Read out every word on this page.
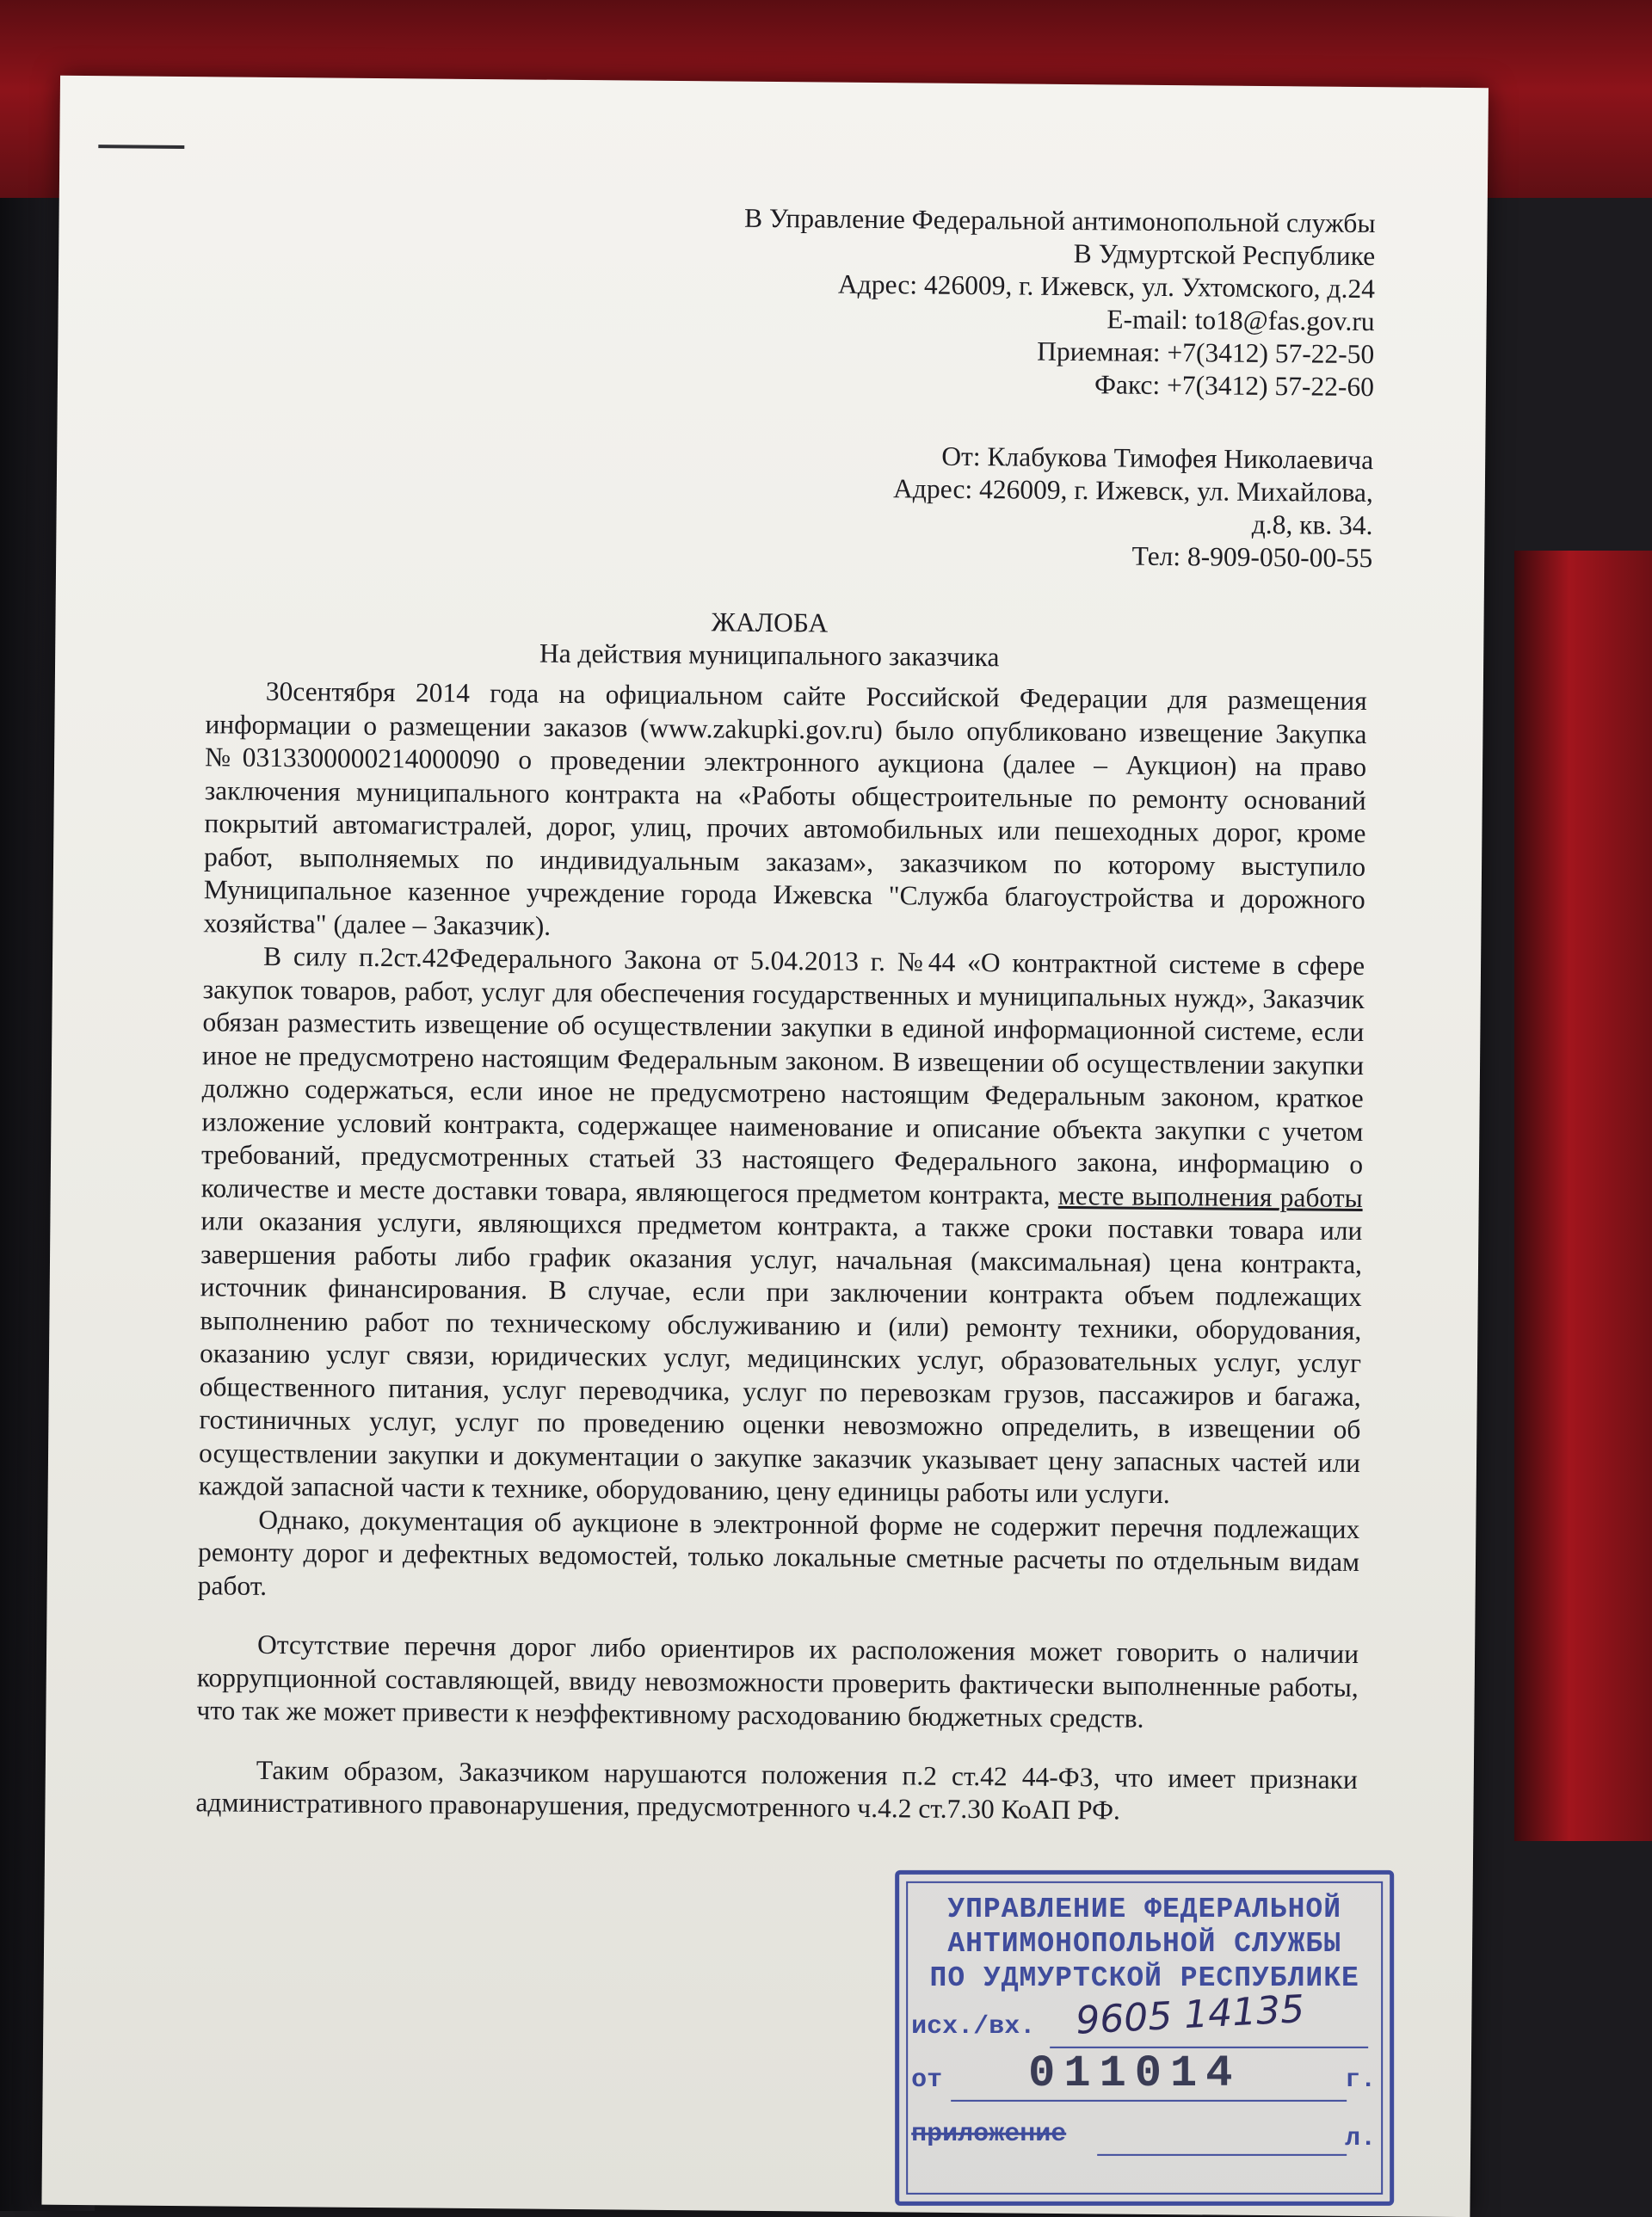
В Управление Федеральной антимонопольной службы
В Удмуртской Республике
Адрес: 426009, г. Ижевск, ул. Ухтомского, д.24
E-mail: to18@fas.gov.ru
Приемная: +7(3412) 57-22-50
Факс: +7(3412) 57-22-60
От: Клабукова Тимофея Николаевича
Адрес: 426009, г. Ижевск, ул. Михайлова,
д.8, кв. 34.
Тел: 8-909-050-00-55
ЖАЛОБА
На действия муниципального заказчика

30сентября 2014 года на официальном сайте Российской Федерации для размещения информации о размещении заказов (www.zakupki.gov.ru) было опубликовано извещение Закупка №0313300000214000090 о проведении электронного аукциона (далее – Аукцион) на право заключения муниципального контракта на «Работы общестроительные по ремонту оснований покрытий автомагистралей, дорог, улиц, прочих автомобильных или пешеходных дорог, кроме работ, выполняемых по индивидуальным заказам», заказчиком по которому выступило Муниципальное казенное учреждение города Ижевска "Служба благоустройства и дорожного хозяйства" (далее – Заказчик).

В силу п.2ст.42Федерального Закона от 5.04.2013 г. №44 «О контрактной системе в сфере закупок товаров, работ, услуг для обеспечения государственных и муниципальных нужд», Заказчик обязан разместить извещение об осуществлении закупки в единой информационной системе, если иное не предусмотрено настоящим Федеральным законом. В извещении об осуществлении закупки должно содержаться, если иное не предусмотрено настоящим Федеральным законом, краткое изложение условий контракта, содержащее наименование и описание объекта закупки с учетом требований, предусмотренных статьей 33 настоящего Федерального закона, информацию о количестве и месте доставки товара, являющегося предметом контракта, месте выполнения работы или оказания услуги, являющихся предметом контракта, а также сроки поставки товара или завершения работы либо график оказания услуг, начальная (максимальная) цена контракта, источник финансирования. В случае, если при заключении контракта объем подлежащих выполнению работ по техническому обслуживанию и (или) ремонту техники, оборудования, оказанию услуг связи, юридических услуг, медицинских услуг, образовательных услуг, услуг общественного питания, услуг переводчика, услуг по перевозкам грузов, пассажиров и багажа, гостиничных услуг, услуг по проведению оценки невозможно определить, в извещении об осуществлении закупки и документации о закупке заказчик указывает цену запасных частей или каждой запасной части к технике, оборудованию, цену единицы работы или услуги.

Однако, документация об аукционе в электронной форме не содержит перечня подлежащих ремонту дорог и дефектных ведомостей, только локальные сметные расчеты по отдельным видам работ.

Отсутствие перечня дорог либо ориентиров их расположения может говорить о наличии коррупционной составляющей, ввиду невозможности проверить фактически выполненные работы, что так же может привести к неэффективному расходованию бюджетных средств.

Таким образом, Заказчиком нарушаются положения п.2 ст.42 44-ФЗ, что имеет признаки административного правонарушения, предусмотренного ч.4.2 ст.7.30 КоАП РФ.

УПРАВЛЕНИЕ ФЕДЕРАЛЬНОЙ
АНТИМОНОПОЛЬНОЙ СЛУЖБЫ
ПО УДМУРТСКОЙ РЕСПУБЛИКЕ
исх./вх. 9605 14135
от 011014	г.
приложение	л.
